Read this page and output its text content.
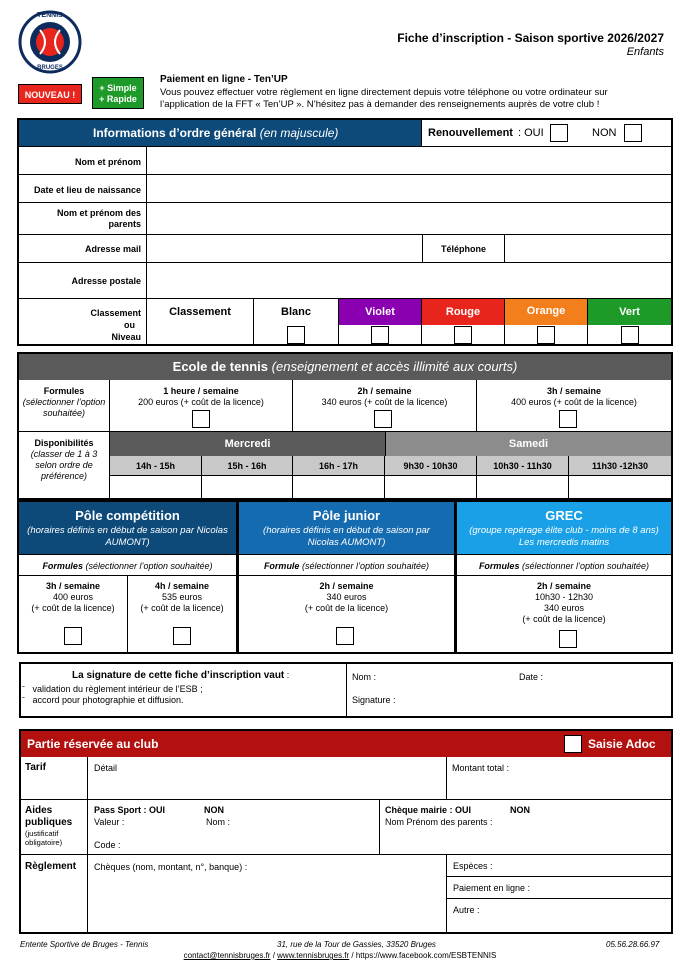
TENNIS
BRUGES
Fiche d’inscription - Saison sportive 2026/2027
Enfants
NOUVEAU !
+ Simple
+ Rapide
Paiement en ligne - Ten’UP
Vous pouvez effectuer votre règlement en ligne directement depuis votre téléphone ou votre ordinateur sur
l’application de la FFT « Ten’UP ». N’hésitez pas à demander des renseignements auprès de votre club !
Informations d’ordre général (en majuscule)	Renouvellement : OUI	NON
Nom et prénom
Date et lieu de naissance
Nom et prénom des parents
Adresse mail	Téléphone
Adresse postale
Classement
ou
Niveau
Classement	Blanc	Violet	Rouge	Orange	Vert
Ecole de tennis (enseignement et accès illimité aux courts)
Formules
(sélectionner l’option souhaitée)
1 heure / semaine
200 euros (+ coût de la licence)
2h / semaine
340 euros (+ coût de la licence)
3h / semaine
400 euros (+ coût de la licence)
Disponibilités
(classer de 1 à 3 selon ordre de préférence)
Mercredi	Samedi
14h - 15h	15h - 16h	16h - 17h	9h30 - 10h30	10h30 - 11h30	11h30 -12h30
Pôle compétition
(horaires définis en début de saison par Nicolas AUMONT)
Formules (sélectionner l’option souhaitée)
3h / semaine
400 euros
(+ coût de la licence)
4h / semaine
535 euros
(+ coût de la licence)
Pôle junior
(horaires définis en début de saison par Nicolas AUMONT)
Formule (sélectionner l’option souhaitée)
2h / semaine
340 euros
(+ coût de la licence)
GREC
(groupe repérage élite club - moins de 8 ans)
Les mercredis matins
Formules (sélectionner l’option souhaitée)
2h / semaine
10h30 - 12h30
340 euros
(+ coût de la licence)
La signature de cette fiche d’inscription vaut :
ˉ validation du règlement intérieur de l’ESB ;
ˉ accord pour photographie et diffusion.
Nom :	Date :
Signature :
Partie réservée au club	Saisie Adoc
Tarif	Détail	Montant total :
Aides publiques
(justificatif obligatoire)
Pass Sport : OUI	NON
Valeur :	Nom :
Code :
Chèque mairie : OUI	NON
Nom Prénom des parents :
Règlement Chèques (nom, montant, n°, banque) :	Espèces :
Paiement en ligne :
Autre :
Entente Sportive de Bruges - Tennis	31, rue de la Tour de Gassies, 33520 Bruges	05.56.28.66.97
contact@tennisbruges.fr / www.tennisbruges.fr / https://www.facebook.com/ESBTENNIS
